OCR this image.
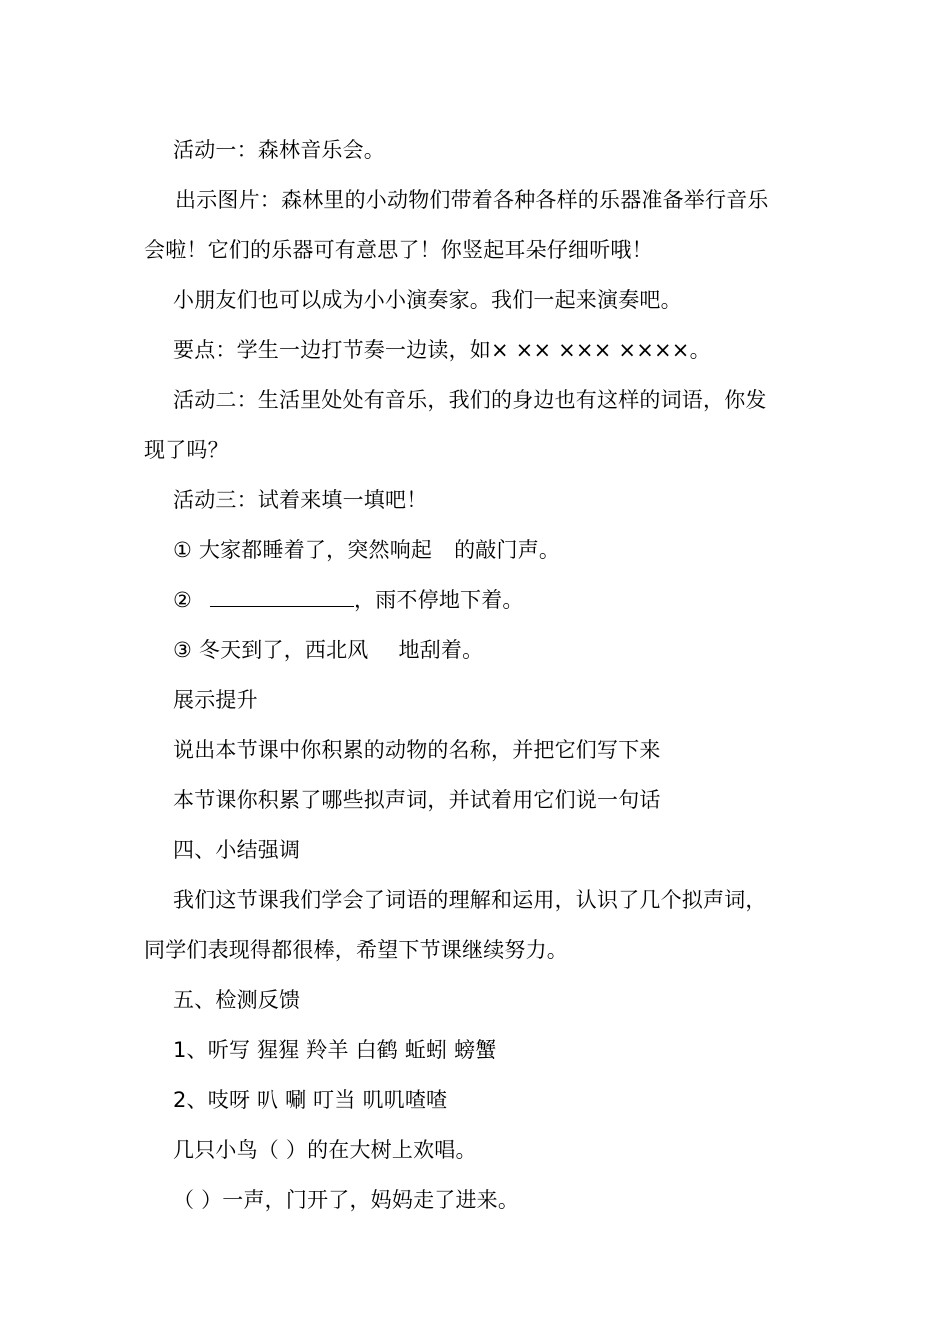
活动一：森林音乐会。
出示图片：森林里的小动物们带着各种各样的乐器准备举行音乐
会啦！它们的乐器可有意思了！你竖起耳朵仔细听哦！
小朋友们也可以成为小小演奏家。我们一起来演奏吧。
要点：学生一边打节奏一边读，如× ×× ××× ××××。
活动二：生活里处处有音乐，我们的身边也有这样的词语，你发
现了吗？
活动三：试着来填一填吧！
① 大家都睡着了，突然响起 的敲门声。
②	，雨不停地下着。
③ 冬天到了，西北风 地刮着。
展示提升
说出本节课中你积累的动物的名称，并把它们写下来
本节课你积累了哪些拟声词，并试着用它们说一句话
四、小结强调
我们这节课我们学会了词语的理解和运用，认识了几个拟声词，
同学们表现得都很棒，希望下节课继续努力。
五、检测反馈
1、听写 猩猩 羚羊 白鹤 蚯蚓 螃蟹
2、吱呀 叭 唰 叮当 叽叽喳喳
几只小鸟（ ）的在大树上欢唱。
（ ）一声，门开了，妈妈走了进来。
